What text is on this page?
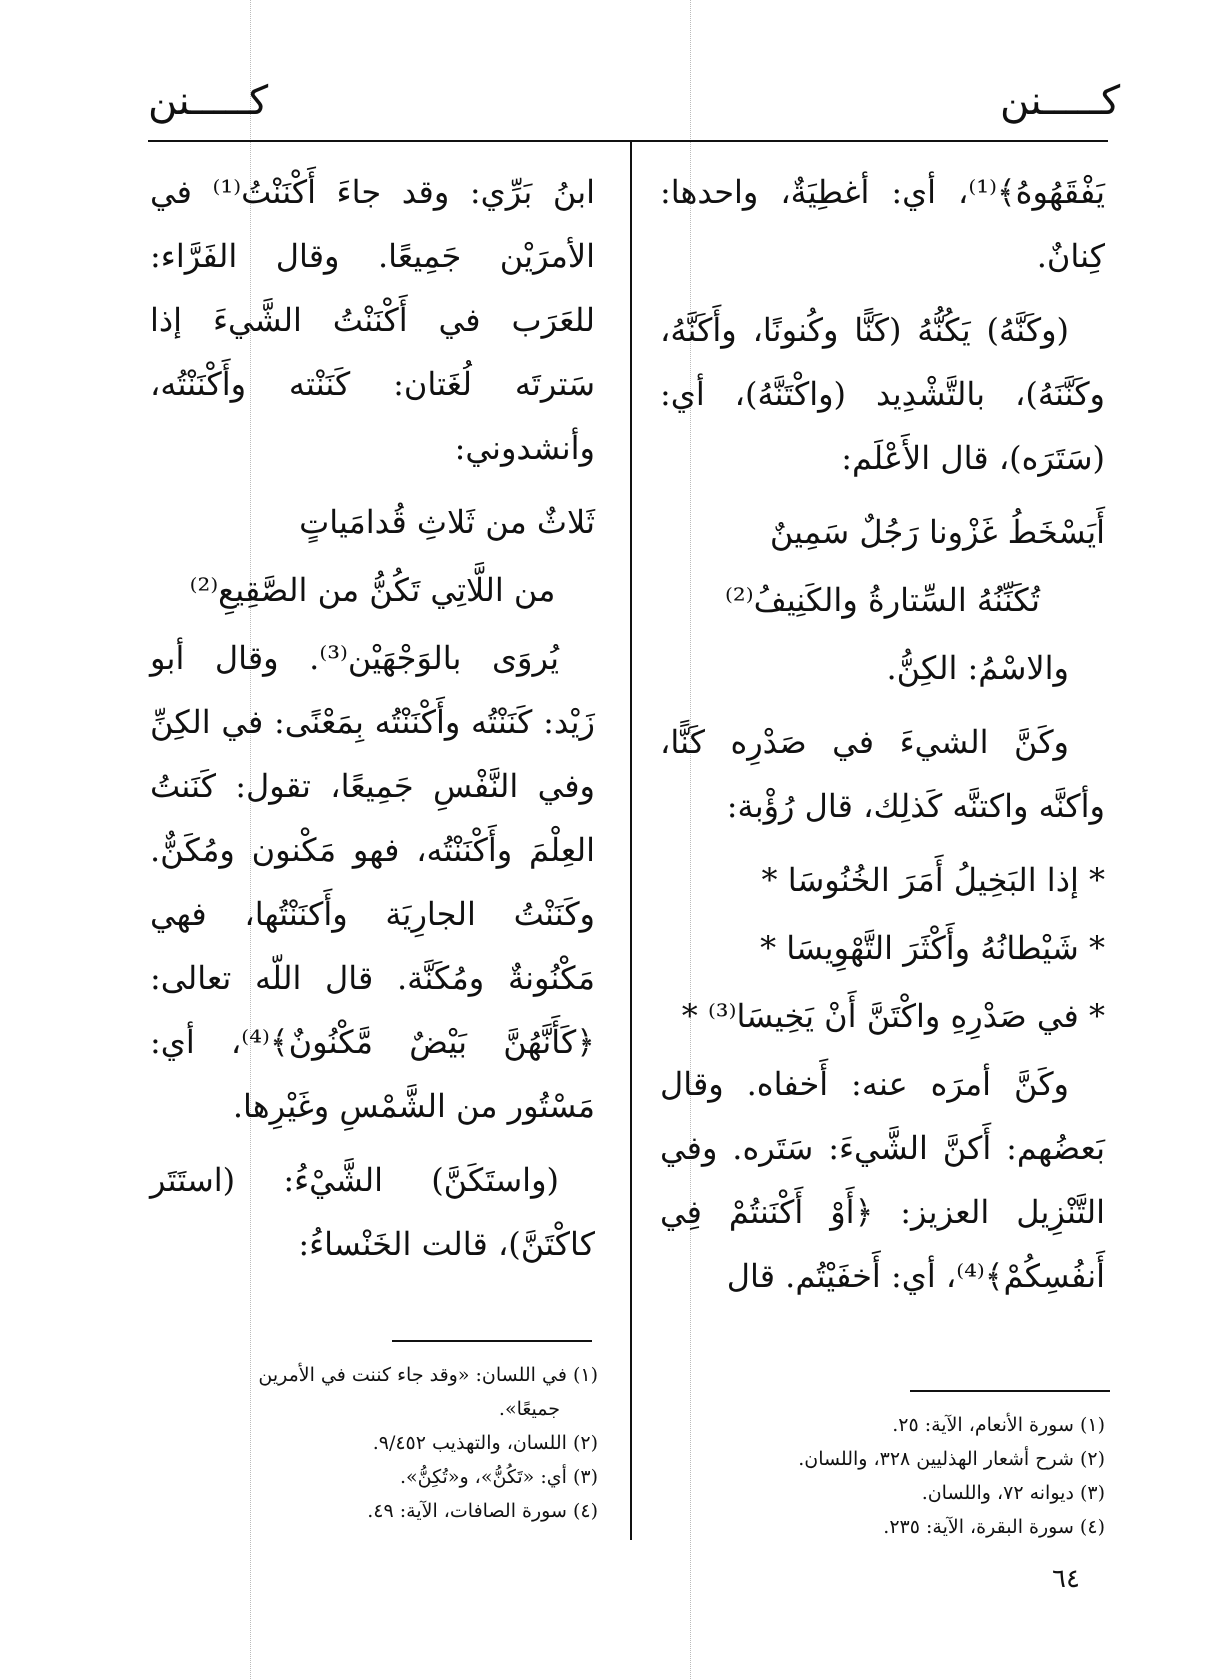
كـــــنن
كـــــنن

يَفْقَهُوهُ﴾⁽¹⁾، أي: أغطِيَةٌ، واحدها: كِنانٌ.

(وكَنَّهُ) يَكُنُّهُ (كَنًّا وكُنونًا، وأَكَنَّهُ، وكَنَّنَهُ)، بالتَّشْدِيد (واكْتَنَّهُ)، أي: (سَتَرَه)، قال الأَعْلَم:

أَيَسْخَطُ غَزْونا رَجُلٌ سَمِينٌ
تُكَنِّنُهُ السِّتارةُ والكَنِيفُ⁽²⁾

والاسْمُ: الكِنُّ.

وكَنَّ الشيءَ في صَدْرِه كَنًّا، وأكنَّه واكتنَّه كَذلِك، قال رُؤْبة:

* إذا البَخِيلُ أَمَرَ الخُنُوسَا *
* شَيْطانُهُ وأَكْثَرَ التَّهْوِيسَا *
* في صَدْرِهِ واكْتَنَّ أَنْ يَخِيسَا⁽³⁾ *

وكَنَّ أمرَه عنه: أَخفاه. وقال بَعضُهم: أَكنَّ الشَّيءَ: سَتَره. وفي التَّنْزِيل العزيز: ﴿أَوْ أَكْنَنتُمْ فِي أَنفُسِكُمْ﴾⁽⁴⁾، أي: أَخفَيْتُم. قال

ابنُ بَرِّي: وقد جاءَ أَكْنَنْتُ⁽¹⁾ في الأمرَيْن جَمِيعًا. وقال الفَرَّاء: للعَرَب في أَكْنَنْتُ الشَّيءَ إذا سَترتَه لُغَتان: كَنَنْته وأَكْنَنْتُه، وأنشدوني:

ثَلاثٌ من ثَلاثِ قُدامَياتٍ
من اللَّاتِي تَكُنُّ من الصَّقِيعِ⁽²⁾

يُروَى بالوَجْهَيْن⁽³⁾. وقال أبو زَيْد: كَنَنْتُه وأَكْنَنْتُه بِمَعْنًى: في الكِنِّ وفي النَّفْسِ جَمِيعًا، تقول: كَنَنتُ العِلْمَ وأَكْنَنْتُه، فهو مَكْنون ومُكَنٌّ. وكَنَنْتُ الجارِيَة وأَكنَنْتُها، فهي مَكْنُونةٌ ومُكَنَّة. قال اللّه تعالى: ﴿كَأَنَّهُنَّ بَيْضٌ مَّكْنُونٌ﴾⁽⁴⁾، أي: مَسْتُور من الشَّمْسِ وغَيْرِها.

(واستَكَنَّ) الشَّيْءُ: (استَتَر كاكْتَنَّ)، قالت الخَنْساءُ:

(١) سورة الأنعام، الآية: ٢٥.
(٢) شرح أشعار الهذليين ٣٢٨، واللسان.
(٣) ديوانه ٧٢، واللسان.
(٤) سورة البقرة، الآية: ٢٣٥.
(١) في اللسان: «وقد جاء كننت في الأمرين
جميعًا».
(٢) اللسان، والتهذيب ٩/٤٥٢.
(٣) أي: «تَكُنُّ»، و«تُكِنُّ».
(٤) سورة الصافات، الآية: ٤٩.
٦٤
